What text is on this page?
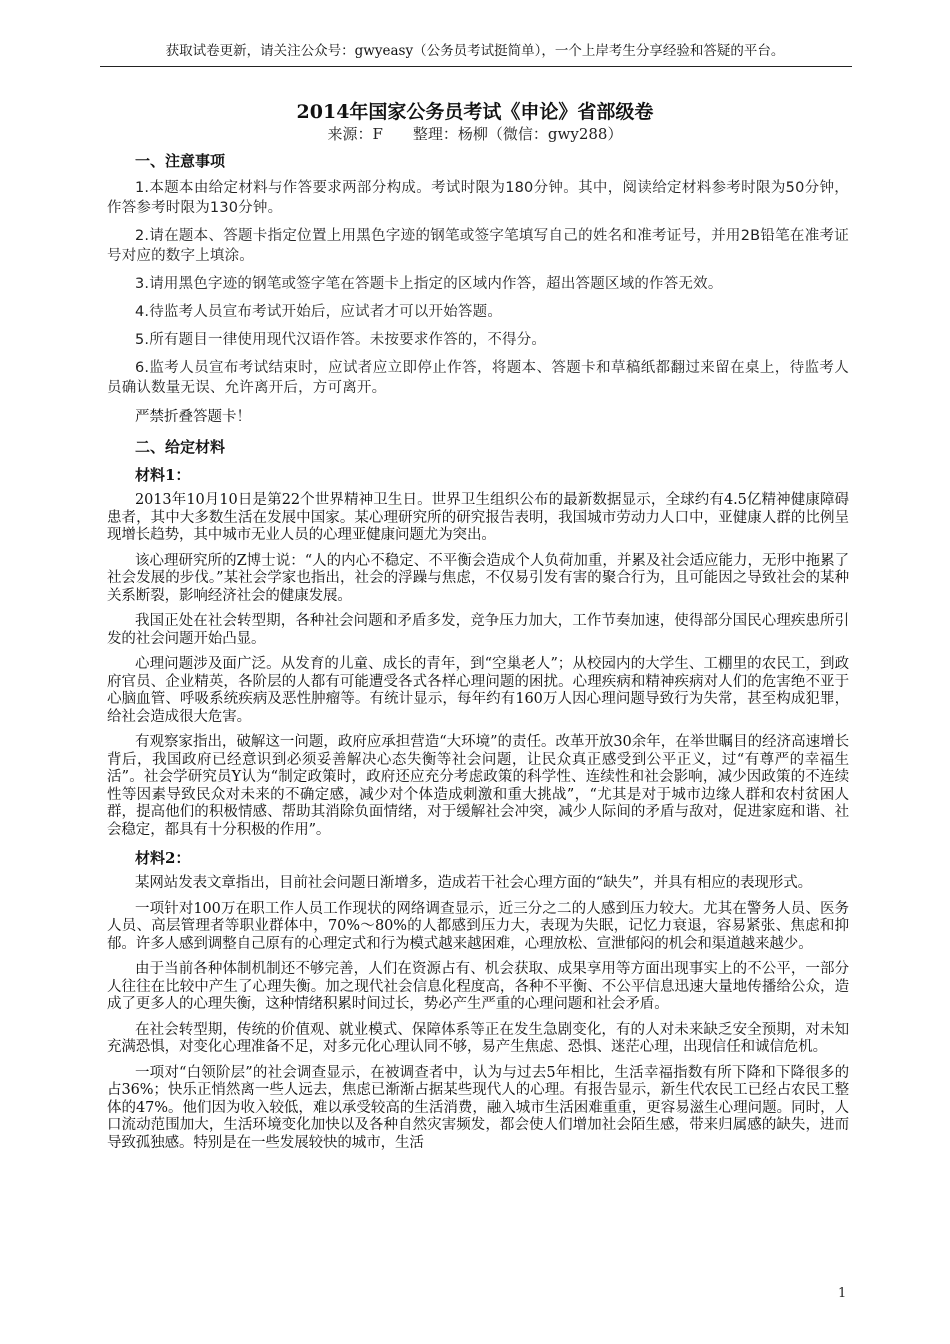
获取试卷更新，请关注公众号：gwyeasy（公务员考试挺简单），一个上岸考生分享经验和答疑的平台。
2014年国家公务员考试《申论》省部级卷
来源：F　　整理：杨柳（微信：gwy288）
一、注意事项

1.本题本由给定材料与作答要求两部分构成。考试时限为180分钟。其中，阅读给定材料参考时限为50分钟，作答参考时限为130分钟。

2.请在题本、答题卡指定位置上用黑色字迹的钢笔或签字笔填写自己的姓名和准考证号，并用2B铅笔在准考证号对应的数字上填涂。

3.请用黑色字迹的钢笔或签字笔在答题卡上指定的区域内作答，超出答题区域的作答无效。

4.待监考人员宣布考试开始后，应试者才可以开始答题。

5.所有题目一律使用现代汉语作答。未按要求作答的，不得分。

6.监考人员宣布考试结束时，应试者应立即停止作答，将题本、答题卡和草稿纸都翻过来留在桌上，待监考人员确认数量无误、允许离开后，方可离开。

严禁折叠答题卡！

二、给定材料
材料1：

2013年10月10日是第22个世界精神卫生日。世界卫生组织公布的最新数据显示，全球约有4.5亿精神健康障碍患者，其中大多数生活在发展中国家。某心理研究所的研究报告表明，我国城市劳动力人口中，亚健康人群的比例呈现增长趋势，其中城市无业人员的心理亚健康问题尤为突出。

该心理研究所的Z博士说：“人的内心不稳定、不平衡会造成个人负荷加重，并累及社会适应能力，无形中拖累了社会发展的步伐。”某社会学家也指出，社会的浮躁与焦虑，不仅易引发有害的聚合行为，且可能因之导致社会的某种关系断裂，影响经济社会的健康发展。

我国正处在社会转型期，各种社会问题和矛盾多发，竞争压力加大，工作节奏加速，使得部分国民心理疾患所引发的社会问题开始凸显。

心理问题涉及面广泛。从发育的儿童、成长的青年，到“空巢老人”；从校园内的大学生、工棚里的农民工，到政府官员、企业精英，各阶层的人都有可能遭受各式各样心理问题的困扰。心理疾病和精神疾病对人们的危害绝不亚于心脑血管、呼吸系统疾病及恶性肿瘤等。有统计显示，每年约有160万人因心理问题导致行为失常，甚至构成犯罪，给社会造成很大危害。

有观察家指出，破解这一问题，政府应承担营造“大环境”的责任。改革开放30余年，在举世瞩目的经济高速增长背后，我国政府已经意识到必须妥善解决心态失衡等社会问题，让民众真正感受到公平正义，过“有尊严的幸福生活”。社会学研究员Y认为“制定政策时，政府还应充分考虑政策的科学性、连续性和社会影响，减少因政策的不连续性等因素导致民众对未来的不确定感，减少对个体造成刺激和重大挑战”，“尤其是对于城市边缘人群和农村贫困人群，提高他们的积极情感、帮助其消除负面情绪，对于缓解社会冲突，减少人际间的矛盾与敌对，促进家庭和谐、社会稳定，都具有十分积极的作用”。

材料2：

某网站发表文章指出，目前社会问题日渐增多，造成若干社会心理方面的“缺失”，并具有相应的表现形式。

一项针对100万在职工作人员工作现状的网络调查显示，近三分之二的人感到压力较大。尤其在警务人员、医务人员、高层管理者等职业群体中，70%～80%的人都感到压力大，表现为失眠，记忆力衰退，容易紧张、焦虑和抑郁。许多人感到调整自己原有的心理定式和行为模式越来越困难，心理放松、宣泄郁闷的机会和渠道越来越少。

由于当前各种体制机制还不够完善，人们在资源占有、机会获取、成果享用等方面出现事实上的不公平，一部分人往往在比较中产生了心理失衡。加之现代社会信息化程度高，各种不平衡、不公平信息迅速大量地传播给公众，造成了更多人的心理失衡，这种情绪积累时间过长，势必产生严重的心理问题和社会矛盾。

在社会转型期，传统的价值观、就业模式、保障体系等正在发生急剧变化，有的人对未来缺乏安全预期，对未知充满恐惧，对变化心理准备不足，对多元化心理认同不够，易产生焦虑、恐惧、迷茫心理，出现信任和诚信危机。

一项对“白领阶层”的社会调查显示，在被调查者中，认为与过去5年相比，生活幸福指数有所下降和下降很多的占36%；快乐正悄然离一些人远去，焦虑已渐渐占据某些现代人的心理。有报告显示，新生代农民工已经占农民工整体的47%。他们因为收入较低，难以承受较高的生活消费，融入城市生活困难重重，更容易滋生心理问题。同时，人口流动范围加大，生活环境变化加快以及各种自然灾害频发，都会使人们增加社会陌生感，带来归属感的缺失，进而导致孤独感。特别是在一些发展较快的城市，生活

1
